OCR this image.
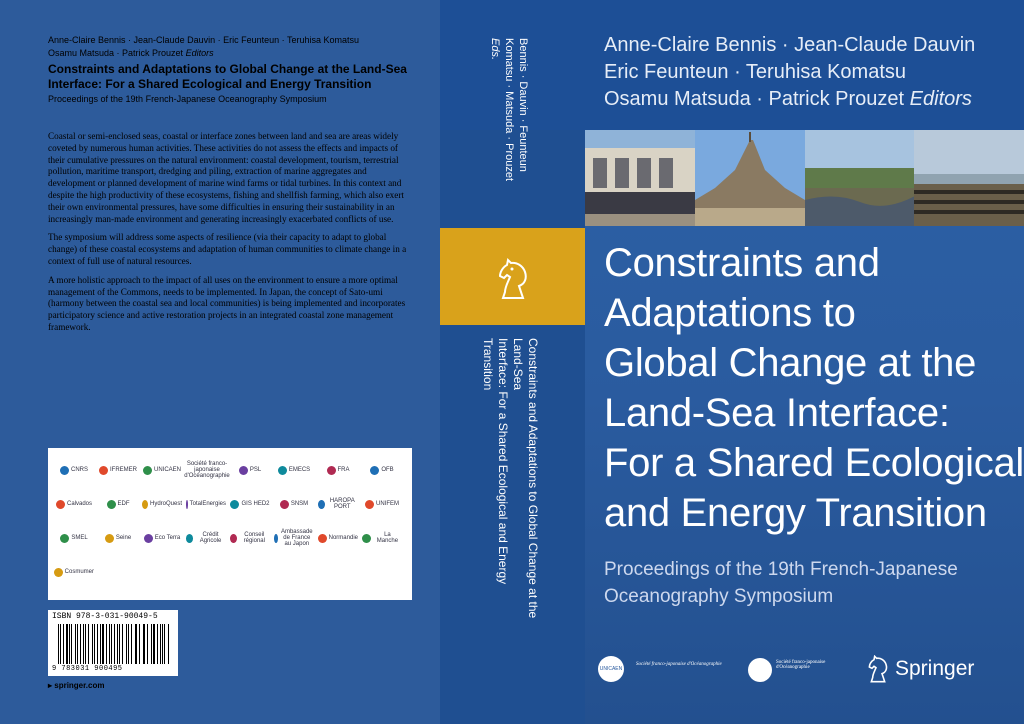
Anne-Claire Bennis · Jean-Claude Dauvin · Eric Feunteun · Teruhisa Komatsu
Osamu Matsuda · Patrick Prouzet Editors
Constraints and Adaptations to Global Change at the Land-Sea
Interface: For a Shared Ecological and Energy Transition
Proceedings of the 19th French-Japanese Oceanography Symposium

Coastal or semi-enclosed seas, coastal or interface zones between land and sea are areas widely coveted by numerous human activities. These activities do not assess the effects and impacts of their cumulative pressures on the natural environment: coastal development, tourism, terrestrial pollution, maritime transport, dredging and piling, extraction of marine aggregates and development or planned development of marine wind farms or tidal turbines. In this context and despite the high productivity of these ecosystems, fishing and shellfish farming, which also exert their own environmental pressures, have some difficulties in ensuring their sustainability in an increasingly man-made environment and generating increasingly exacerbated conflicts of use.

The symposium will address some aspects of resilience (via their capacity to adapt to global change) of these coastal ecosystems and adaptation of human communities to climate change in a context of full use of natural resources.

A more holistic approach to the impact of all uses on the environment to ensure a more optimal management of the Commons, needs to be implemented. In Japan, the concept of Sato-umi (harmony between the coastal sea and local communities) is being implemented and incorporates participatory science and active restoration projects in an integrated coastal zone management framework.

CNRS	IFREMER	UNICAEN
Société franco-japonaise d'Océanographie
PSL	EMECS	FRA	OFB
Calvados	EDF	HydroQuest TotalEnergies	GIS HED2	SNSM	HAROPA PORT	UNIFEM
SMEL	Seine	Eco Terra	Crédit Agricole
Conseil régional
Ambassade de France au Japon
Normandie	La Manche
Cosmumer
ISBN 978-3-031-90049-5
9 783031 900495
▸ springer.com
Bennis · Dauvin · Feunteun
Komatsu · Matsuda · Prouzet Eds.
Constraints and Adaptations to Global Change at the Land-Sea
Interface: For a Shared Ecological and Energy Transition
Anne-Claire Bennis · Jean-Claude Dauvin
Eric Feunteun · Teruhisa Komatsu
Osamu Matsuda · Patrick Prouzet Editors
Constraints and
Adaptations to
Global Change at the
Land-Sea Interface:
For a Shared Ecological
and Energy Transition
Proceedings of the 19th French-Japanese
Oceanography Symposium
UNICAEN
Société franco-japonaise d'Océanographie	Société franco-japonaise d'Océanographie	Springer
